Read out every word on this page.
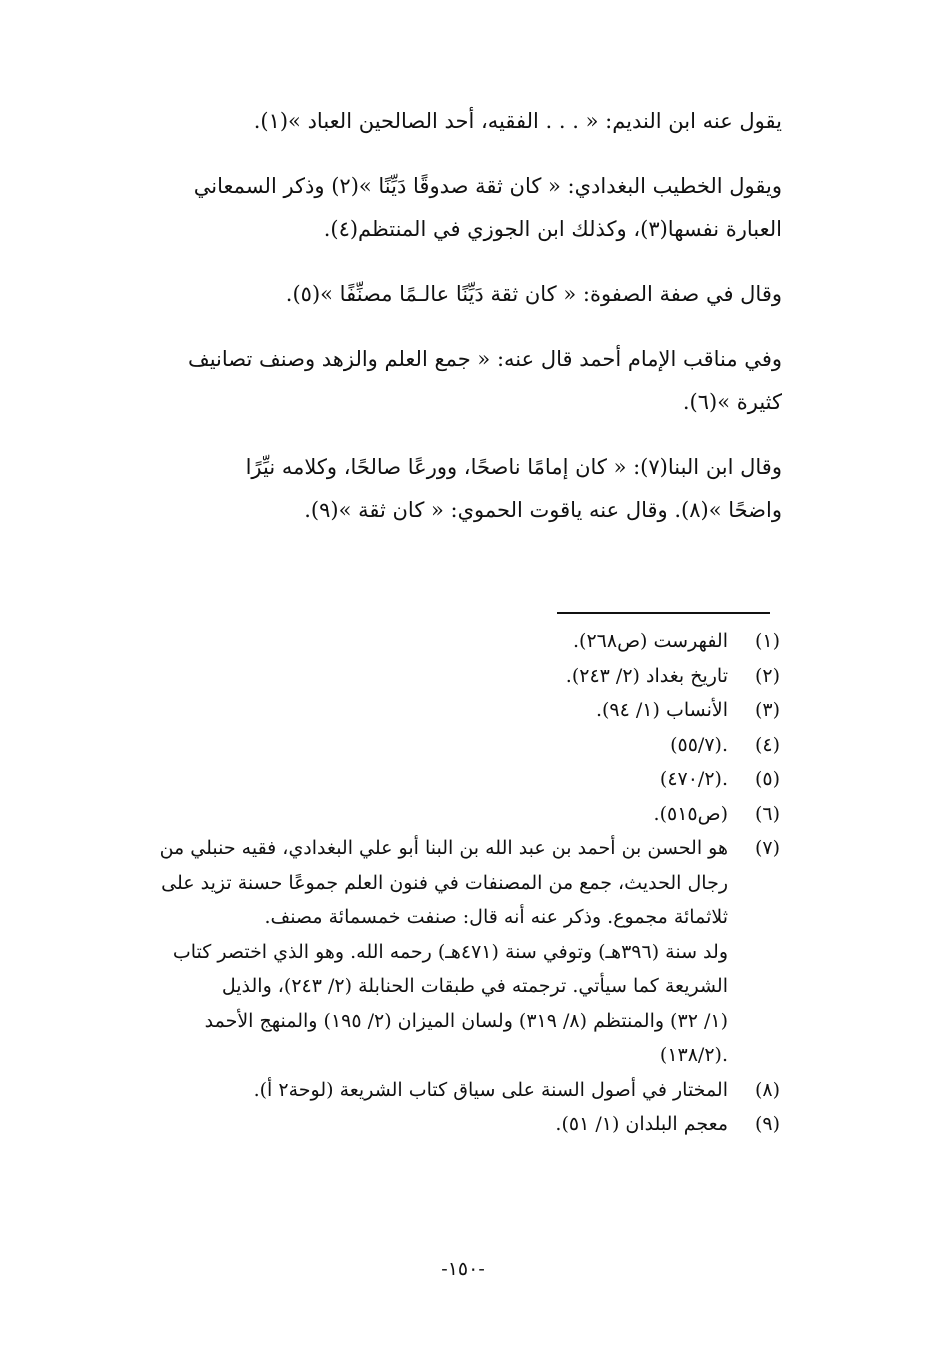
يقول عنه ابن النديم: « . . . الفقيه، أحد الصالحين العباد »(١).

ويقول الخطيب البغدادي: « كان ثقة صدوقًا دَيِّنًا »(٢) وذكر السمعاني

العبارة نفسها(٣)، وكذلك ابن الجوزي في المنتظم(٤).

وقال في صفة الصفوة: « كان ثقة دَيِّنًا عالـمًا مصنِّفًا »(٥).

وفي مناقب الإمام أحمد قال عنه: « جمع العلم والزهد وصنف تصانيف

كثيرة »(٦).

وقال ابن البنا(٧): « كان إمامًا ناصحًا، وورعًا صالحًا، وكلامه نيِّرًا

واضحًا »(٨). وقال عنه ياقوت الحموي: « كان ثقة »(٩).

(١)
الفهرست (ص٢٦٨).
(٢)
تاريخ بغداد (٢/ ٢٤٣).
(٣)
الأنساب (١/ ٩٤).
(٤)
.(٥٥/٧)
(٥)
.(٤٧٠/٢)
(٦)
(ص٥١٥).
(٧)
هو الحسن بن أحمد بن عبد الله بن البنا أبو علي البغدادي، فقيه حنبلي من
رجال الحديث، جمع من المصنفات في فنون العلم جموعًا حسنة تزيد على
ثلاثمائة مجموع. وذكر عنه أنه قال: صنفت خمسمائة مصنف.
ولد سنة (٣٩٦هـ) وتوفي سنة (٤٧١هـ) رحمه الله. وهو الذي اختصر كتاب
الشريعة كما سيأتي. ترجمته في طبقات الحنابلة (٢/ ٢٤٣)، والذيل
(١/ ٣٢) والمنتظم (٨/ ٣١٩) ولسان الميزان (٢/ ١٩٥) والمنهج الأحمد
.(١٣٨/٢)
(٨)
المختار في أصول السنة على سياق كتاب الشريعة (لوحة٢ أ).
(٩)
معجم البلدان (١/ ٥١).
-١٥٠-
